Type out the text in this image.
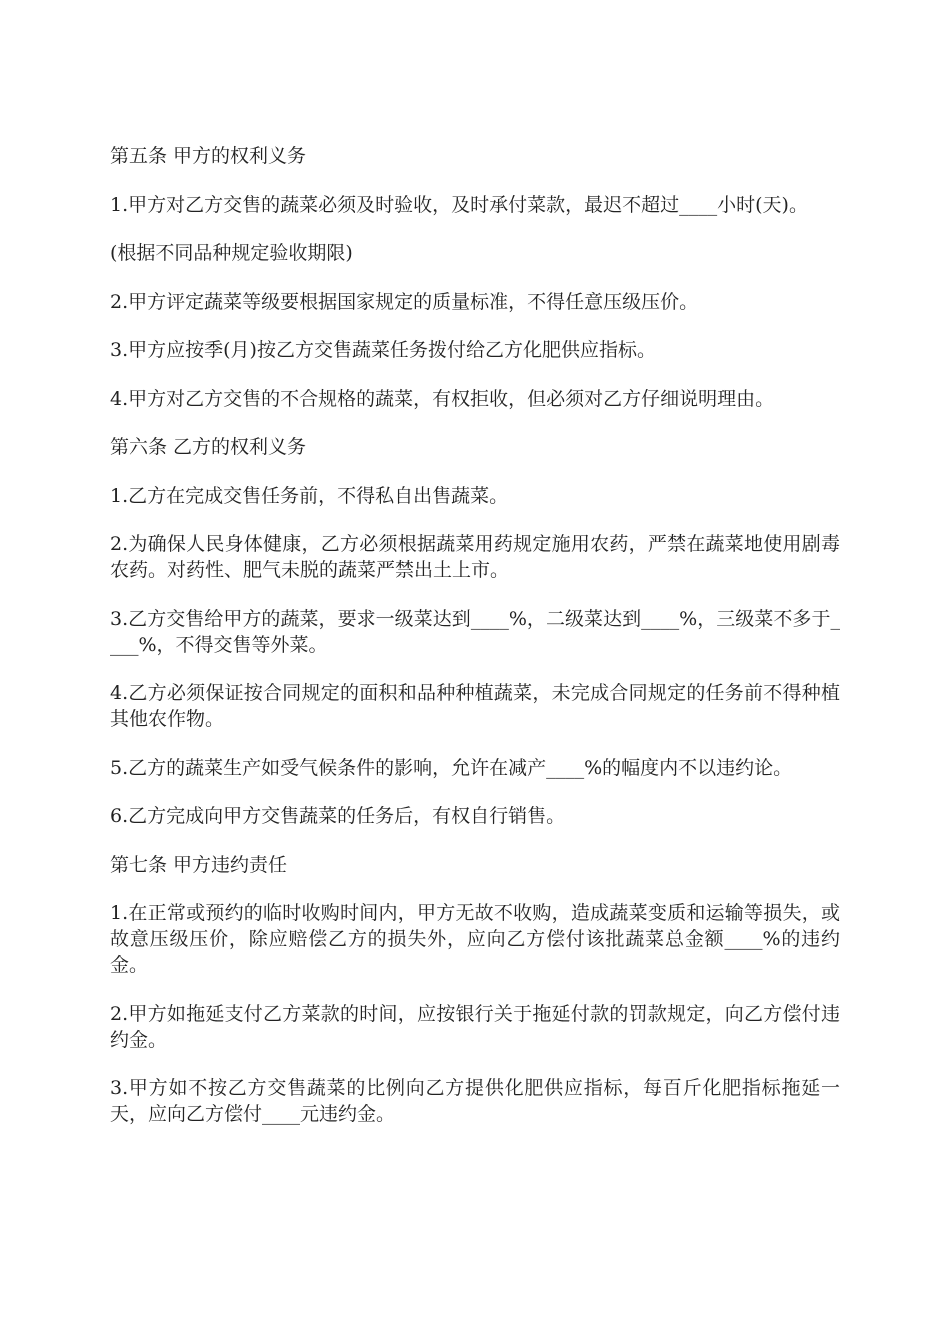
第五条 甲方的权利义务

1.甲方对乙方交售的蔬菜必须及时验收，及时承付菜款，最迟不超过____小时(天)。

(根据不同品种规定验收期限)

2.甲方评定蔬菜等级要根据国家规定的质量标准，不得任意压级压价。

3.甲方应按季(月)按乙方交售蔬菜任务拨付给乙方化肥供应指标。

4.甲方对乙方交售的不合规格的蔬菜，有权拒收，但必须对乙方仔细说明理由。

第六条 乙方的权利义务

1.乙方在完成交售任务前，不得私自出售蔬菜。

2.为确保人民身体健康，乙方必须根据蔬菜用药规定施用农药，严禁在蔬菜地使用剧毒农药。对药性、肥气未脱的蔬菜严禁出土上市。

3.乙方交售给甲方的蔬菜，要求一级菜达到____%，二级菜达到____%，三级菜不多于____%，不得交售等外菜。

4.乙方必须保证按合同规定的面积和品种种植蔬菜，未完成合同规定的任务前不得种植其他农作物。

5.乙方的蔬菜生产如受气候条件的影响，允许在减产____%的幅度内不以违约论。

6.乙方完成向甲方交售蔬菜的任务后，有权自行销售。

第七条 甲方违约责任

1.在正常或预约的临时收购时间内，甲方无故不收购，造成蔬菜变质和运输等损失，或故意压级压价，除应赔偿乙方的损失外，应向乙方偿付该批蔬菜总金额____%的违约金。

2.甲方如拖延支付乙方菜款的时间，应按银行关于拖延付款的罚款规定，向乙方偿付违约金。

3.甲方如不按乙方交售蔬菜的比例向乙方提供化肥供应指标，每百斤化肥指标拖延一天，应向乙方偿付____元违约金。
